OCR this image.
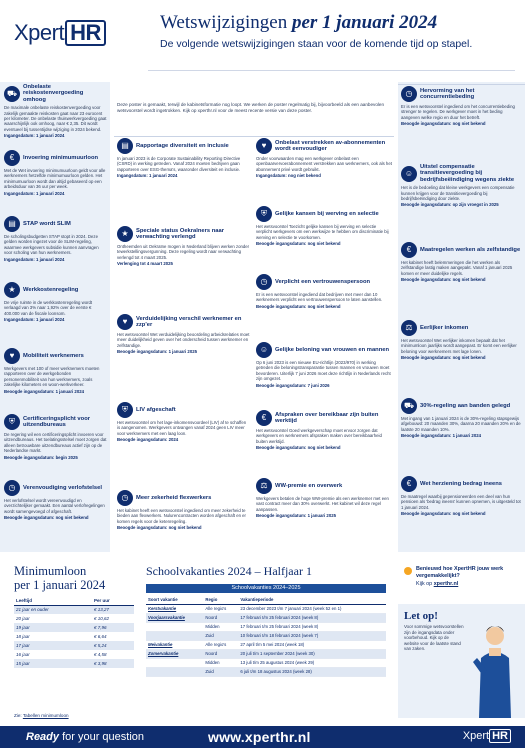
Xpert HR	Wetswijzigingen per 1 januari 2024
De volgende wetswijzigingen staan voor de komende tijd op stapel.
Deze poster is gemaakt, terwijl de kabinetsformatie nog loopt. We werken de poster regelmatig bij, bijvoorbeeld als een aanbevolen wetsvoorstel wordt ingetrokken. Kijk op xperthr.nl voor de meest recente versie van deze poster.
⛟
Onbelaste reiskostenvergoeding omhoog

De maximale onbelaste reiskostenvergoeding voor zakelijk gemaakte reiskosten gaat naar 23 eurocent per kilometer. De onbelaste thuiswerkvergoeding gaat waarschijnlijk ook omhoog, naar € 2,35. Dit wordt eventueel bij tussentijdse wijziging in 2024 bekend.

Ingangsdatum: 1 januari 2024

€	Invoering minimumuurloon

Met de Wet invoering minimumuurloon geldt voor alle werknemers hetzelfde minimumuurloon gelden. Het minimumuurloon wordt dan altijd gebaseerd op een arbeidsduur van 36 uur per week.

Ingangsdatum: 1 januari 2024

▤	STAP wordt SLIM

De scholingsbudgetten STAP stopt in 2024. Deze gelden worden ingezet voor de SLIM-regeling, waarmee werkgevers subsidie kunnen aanvragen voor scholing van hun werknemers.

Ingangsdatum: 1 januari 2024

★	Werkkostenregeling

De vrije ruimte in de werkkostenregeling wordt verlaagd van 3% naar 1,92% over de eerste € 400.000 van de fiscale loonsom.

Ingangsdatum: 1 januari 2024

♥	Mobiliteit werknemers

Werkgevers met 100 of meer werknemers moeten rapporteren over de werkgebonden personenmobiliteit van hun werknemers, zoals zakelijke kilometers en woon-werkverkeer.

Beoogde ingangsdatum: 1 januari 2024

⛨	Certificeringsplicht voor uitzendbureaus

De regering wil een certificeringsplicht invoeren voor uitzendbureaus. Het toelatingsstelsel moet zorgen dat alleen betrouwbare uitzendbureaus actief zijn op de Nederlandse markt.

Beoogde ingangsdatum: begin 2025

◷	Verenvoudiging verlofstelsel

Het verlofstelsel wordt vereenvoudigd en overzichtelijker gemaakt. Een aantal verlofregelingen wordt samengevoegd of afgeschaft.

Beoogde ingangsdatum: nog niet bekend

▤	Rapportage diversiteit en inclusie

In januari 2023 is de Corporate Sustainability Reporting Directive (CSRD) in werking getreden. Vanaf 2024 moeten bedrijven gaan rapporteren over ESG-thema's, waaronder diversiteit en inclusie.

Ingangsdatum: 1 januari 2024

★	Speciale status Oekraïners naar verwachting verlengd

Ontheemden uit Oekraïne mogen in Nederland blijven werken zonder tewerkstellingsvergunning. Deze regeling wordt naar verwachting verlengd tot 4 maart 2025.

Verlenging tot 4 maart 2025

♥	Verduidelijking verschil werknemer en zzp'er

Het wetsvoorstel Wet verduidelijking beoordeling arbeidsrelaties moet meer duidelijkheid geven over het onderscheid tussen werknemer en zelfstandige.

Beoogde ingangsdatum: 1 januari 2025

⛨	LIV afgeschaft

Het wetsvoorstel om het lage-inkomensvoordeel (LIV) af te schaffen is aangenomen. Werkgevers ontvangen vanaf 2024 geen LIV meer voor werknemers met een laag loon.

Beoogde ingangsdatum: 2024

◷	Meer zekerheid flexwerkers

Het kabinet heeft een wetsvoorstel ingediend om meer zekerheid te bieden aan flexwerkers. Nulurencontracten worden afgeschaft en er komen regels voor de ketenregeling.

Beoogde ingangsdatum: nog niet bekend

♥	Onbelast verstrekken av-abonnementen wordt eenvoudiger

Onder voorwaarden mag een werkgever onbelast een openbaarvervoerabonnement verstrekken aan werknemers, ook als het abonnement privé wordt gebruikt.

Ingangsdatum: nog niet bekend

⛨	Gelijke kansen bij werving en selectie

Het wetsvoorstel Toezicht gelijke kansen bij werving en selectie verplicht werkgevers om een werkwijze te hebben om discriminatie bij werving en selectie te voorkomen.

Beoogde ingangsdatum: nog niet bekend

◷	Verplicht een vertrouwenspersoon

Er is een wetsvoorstel ingediend dat bedrijven met meer dan 10 werknemers verplicht een vertrouwenspersoon te laten aanstellen.

Beoogde ingangsdatum: nog niet bekend

☺	Gelijke beloning van vrouwen en mannen

Op 6 juni 2023 is een nieuwe EU-richtlijn (2023/970) in werking getreden die beloningstransparantie tussen mannen en vrouwen moet bevorderen. Uiterlijk 7 juni 2026 moet deze richtlijn in Nederlands recht zijn omgezet.

Beoogde ingangsdatum: 7 juni 2026

€	Afspraken over bereikbaar zijn buiten werktijd

Het wetsvoorstel Goed werkgeverschap moet ervoor zorgen dat werkgevers en werknemers afspraken maken over bereikbaarheid buiten werktijd.

Beoogde ingangsdatum: nog niet bekend

⚖	WW-premie en overwerk

Werkgevers betalen de hoge WW-premie als een werknemer met een vast contract meer dan 30% overwerkt. Het kabinet wil deze regel aanpassen.

Beoogde ingangsdatum: 1 januari 2025

◷	Hervorming van het concurrentiebeding

Er is een wetsvoorstel ingediend om het concurrentiebeding strenger te regelen. De werkgever moet in het beding aangeven welke regio en duur het betreft.

Beoogde ingangsdatum: nog niet bekend

☺
Uitstel compensatie transitievergoeding bij bedrijfsbeëindiging wegens ziekte

Het is de bedoeling dat kleine werkgevers een compensatie kunnen krijgen voor de transitievergoeding bij bedrijfsbeëindiging door ziekte.

Beoogde ingangsdatum: op zijn vroegst in 2025

€	Maatregelen werken als zelfstandige

Het kabinet heeft belemmeringen die het werken als zelfstandige lastig maken aangepakt. Vanaf 1 januari 2025 komen er meer duidelijke regels.

Beoogde ingangsdatum: nog niet bekend

⚖	Eerlijker inkomen

Het wetsvoorstel Wet eerlijker inkomen bepaalt dat het minimumloon jaarlijks wordt aangepast. Er komt een eerlijker beloning voor werknemers met lage lonen.

Beoogde ingangsdatum: nog niet bekend

⛟	30%-regeling aan banden gelegd

Met ingang van 1 januari 2024 is de 30%-regeling stapsgewijs afgebouwd: 20 maanden 30%, daarna 20 maanden 20% en de laatste 20 maanden 10%.

Beoogde ingangsdatum: 1 januari 2024

€	Wet herziening bedrag ineens

De maatregel waarbij gepensioneerden een deel van hun pensioen als 'bedrag ineens' kunnen opnemen, is uitgesteld tot 1 januari 2024.

Beoogde ingangsdatum: nog niet bekend

Minimumloon
per 1 januari 2024
Leeftijd	Per uur
21 jaar en ouder	€ 13,27
20 jaar	€ 10,62
19 jaar	€ 7,96
18 jaar	€ 6,64
17 jaar	€ 5,24
16 jaar	€ 4,58
15 jaar	€ 3,98
Zie: Tabellen minimumloon
Schoolvakanties 2024 – Halfjaar 1
Schoolvakanties 2024–2025
Soort vakantie	Regio	Vakantieperiode
Kerstvakantie	Alle regio's	23 december 2023 t/m 7 januari 2024 (week 52 en 1)
Voorjaarsvakantie	Noord	17 februari t/m 25 februari 2024 (week 8)
	Midden	17 februari t/m 25 februari 2024 (week 8)
	Zuid	10 februari t/m 18 februari 2024 (week 7)
Meivakantie	Alle regio's	27 april t/m 5 mei 2024 (week 18)
Zomervakantie	Noord	20 juli t/m 1 september 2024 (week 30)
	Midden	13 juli t/m 25 augustus 2024 (week 29)
	Zuid	6 juli t/m 18 augustus 2024 (week 28)
Benieuwd hoe XpertHR jouw werk vergemakkelijkt?
Kijk op xperthr.nl
Let op!
Voor sommige wetsvoorstellen zijn de ingangsdata onder voorbehoud. Kijk op de website voor de laatste stand van zaken.
Ready for your question	www.xperthr.nl	Xpert HR
